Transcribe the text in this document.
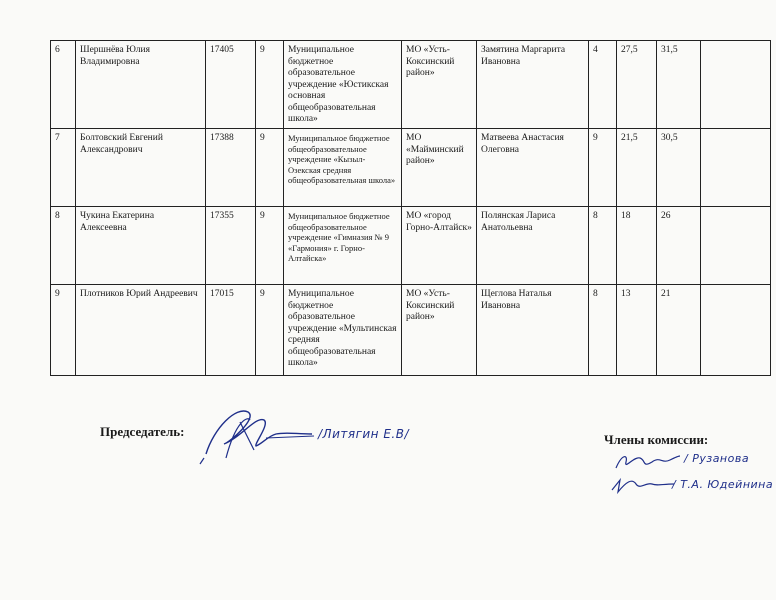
6	Шершнёва Юлия Владимировна	17405	9	Муниципальное бюджетное образовательное учреждение «Юстикская основная общеобразовательная школа»	МО «Усть-Коксинский район»	Замятина Маргарита Ивановна	4	27,5	31,5	
7	Болтовский Евгений Александрович	17388	9	Муниципальное бюджетное общеобразовательное учреждение «Кызыл-Озекская средняя общеобразовательная школа»	МО «Майминский район»	Матвеева Анастасия Олеговна	9	21,5	30,5	
8	Чукина Екатерина Алексеевна	17355	9	Муниципальное бюджетное общеобразовательное учреждение «Гимназия № 9 «Гармония» г. Горно-Алтайска»	МО «город Горно-Алтайск»	Полянская Лариса Анатольевна	8	18	26	
9	Плотников Юрий Андреевич	17015	9	Муниципальное бюджетное образовательное учреждение «Мультинская средняя общеобразовательная школа»	МО «Усть-Коксинский район»	Щеглова Наталья Ивановна	8	13	21	
Председатель:	/Литягин Е.В/	Члены комиссии:
/ Рузанова
/ Т.А. Юдейнина
